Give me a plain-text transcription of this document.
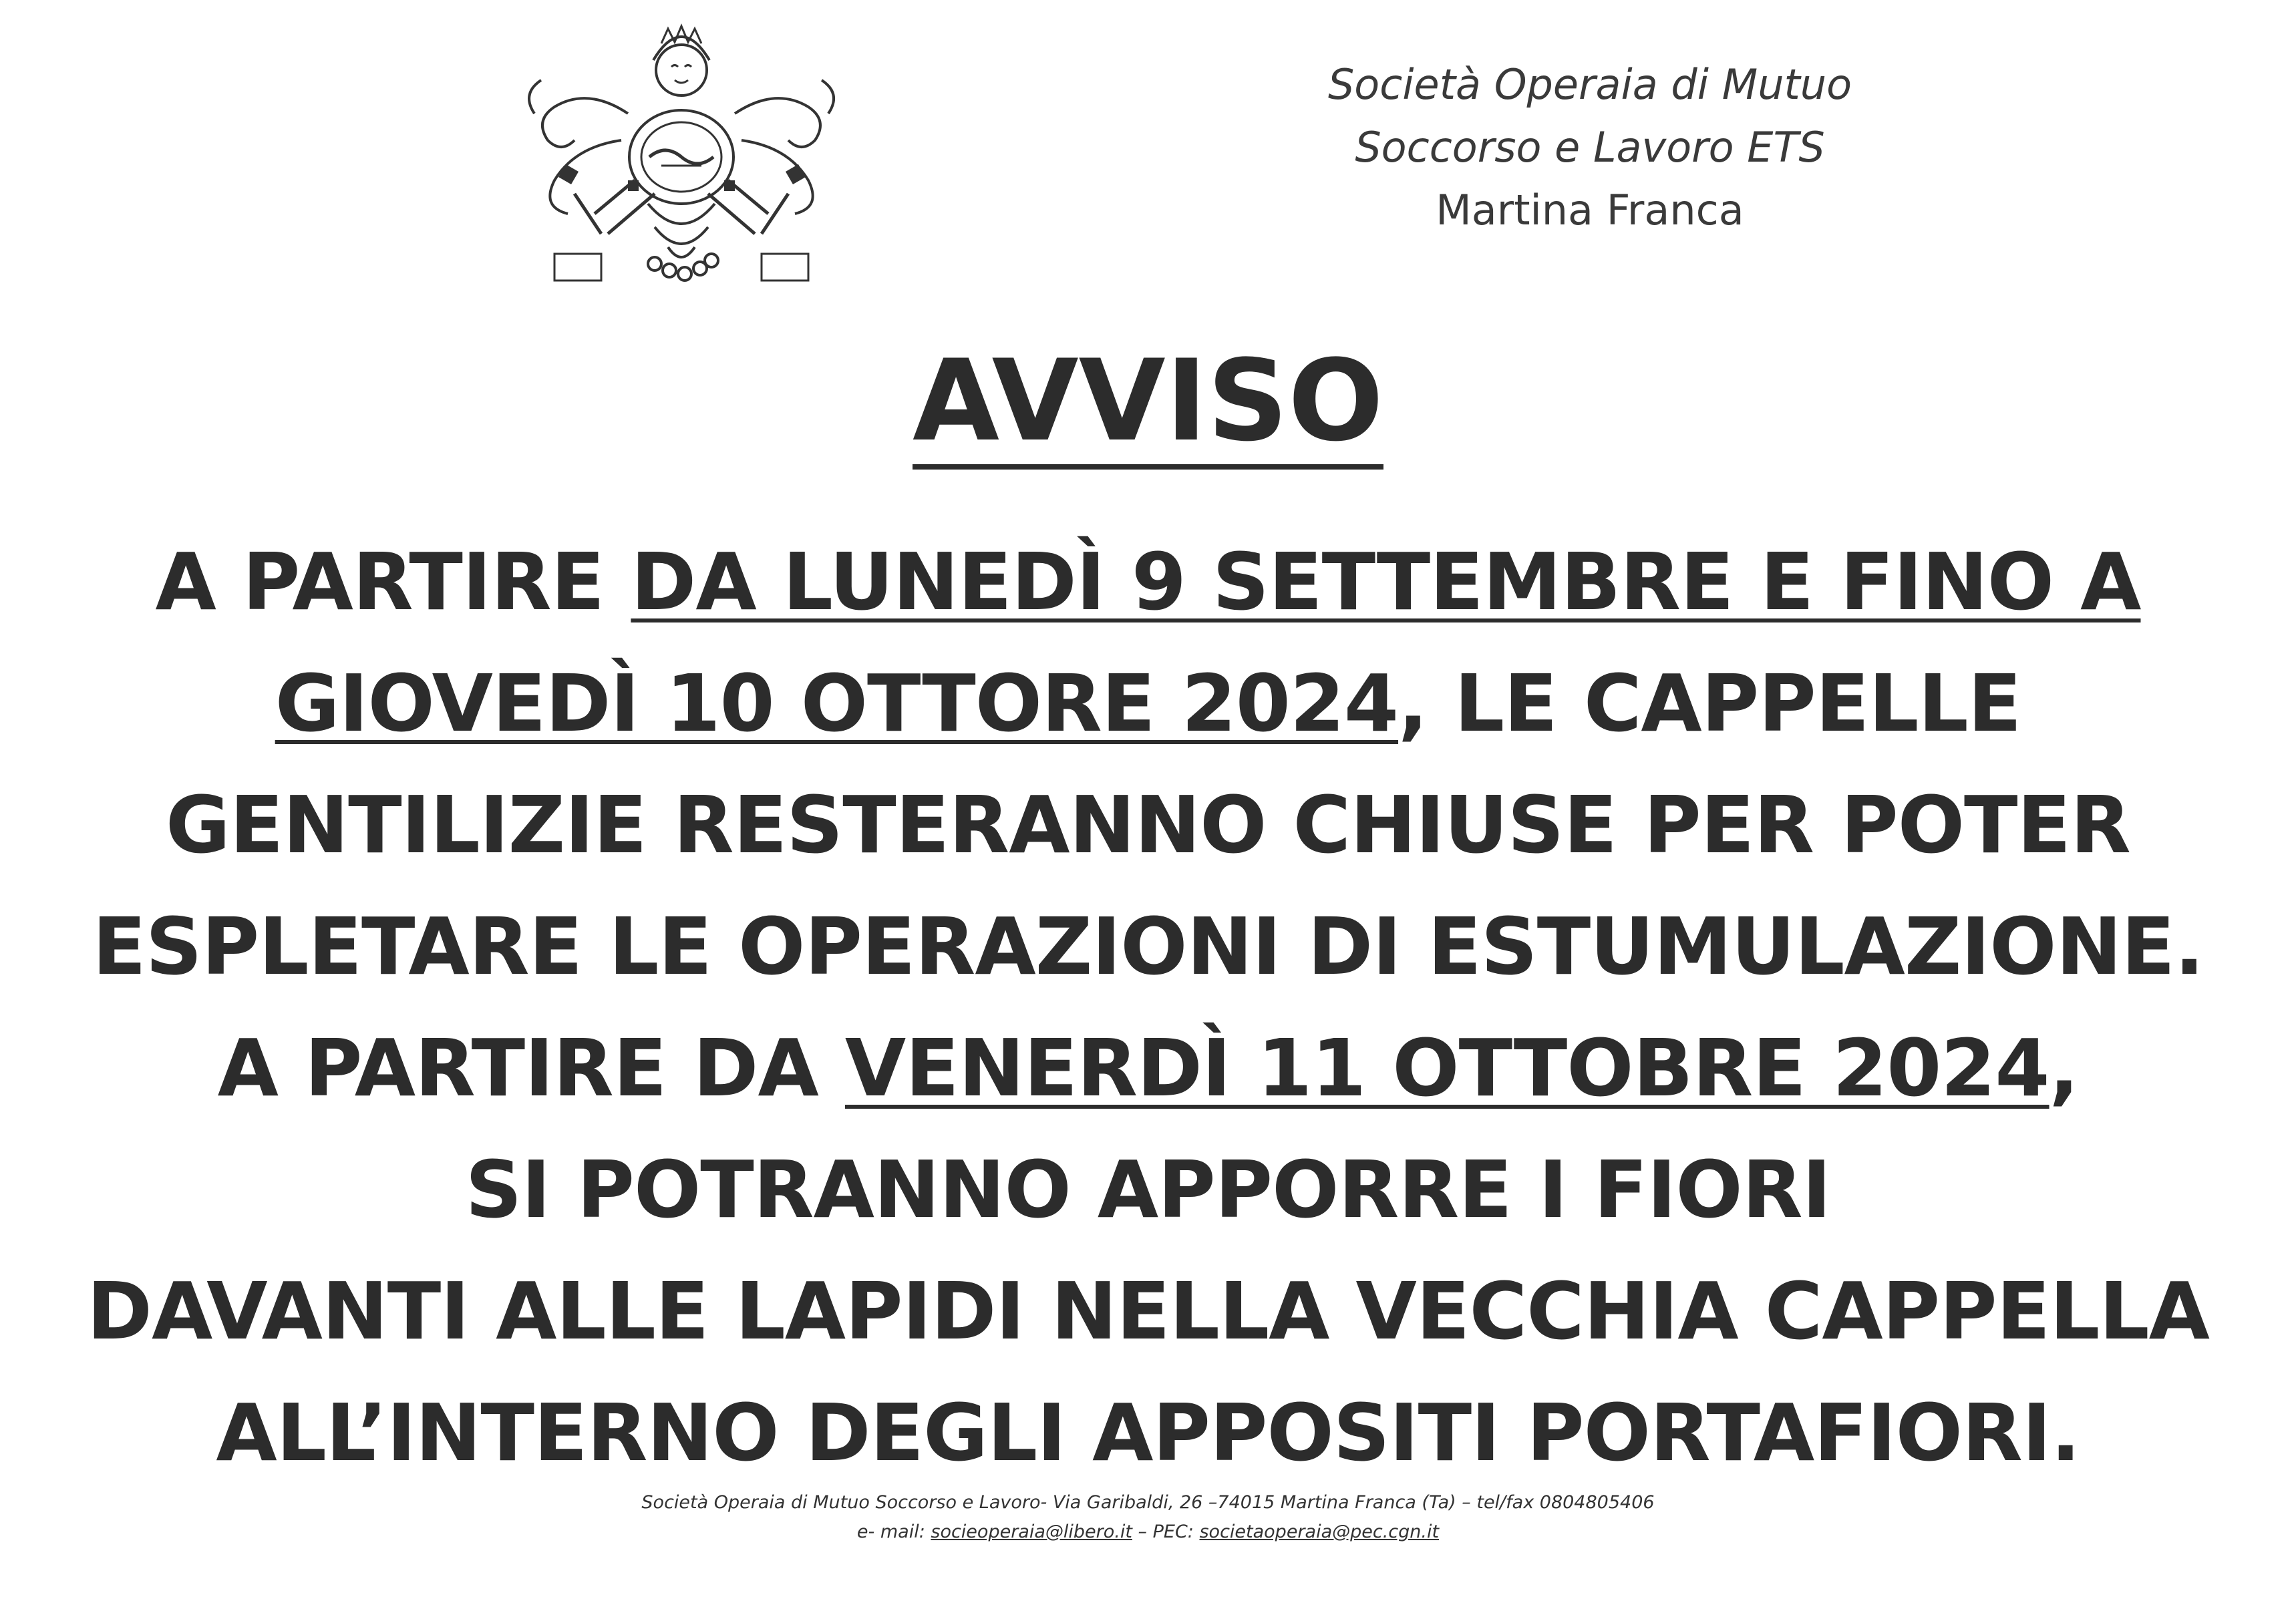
Società Operaia di Mutuo
Soccorso e Lavoro ETS
Martina Franca
AVVISO
A PARTIRE DA LUNEDÌ 9 SETTEMBRE E FINO A
GIOVEDÌ 10 OTTORE 2024, LE CAPPELLE
GENTILIZIE RESTERANNO CHIUSE PER POTER
ESPLETARE LE OPERAZIONI DI ESTUMULAZIONE.
A PARTIRE DA VENERDÌ 11 OTTOBRE 2024,
SI POTRANNO APPORRE I FIORI
DAVANTI ALLE LAPIDI NELLA VECCHIA CAPPELLA
ALL’INTERNO DEGLI APPOSITI PORTAFIORI.
Società Operaia di Mutuo Soccorso e Lavoro- Via Garibaldi, 26 –74015 Martina Franca (Ta) – tel/fax 0804805406
e- mail: socieoperaia@libero.it – PEC: societaoperaia@pec.cgn.it
